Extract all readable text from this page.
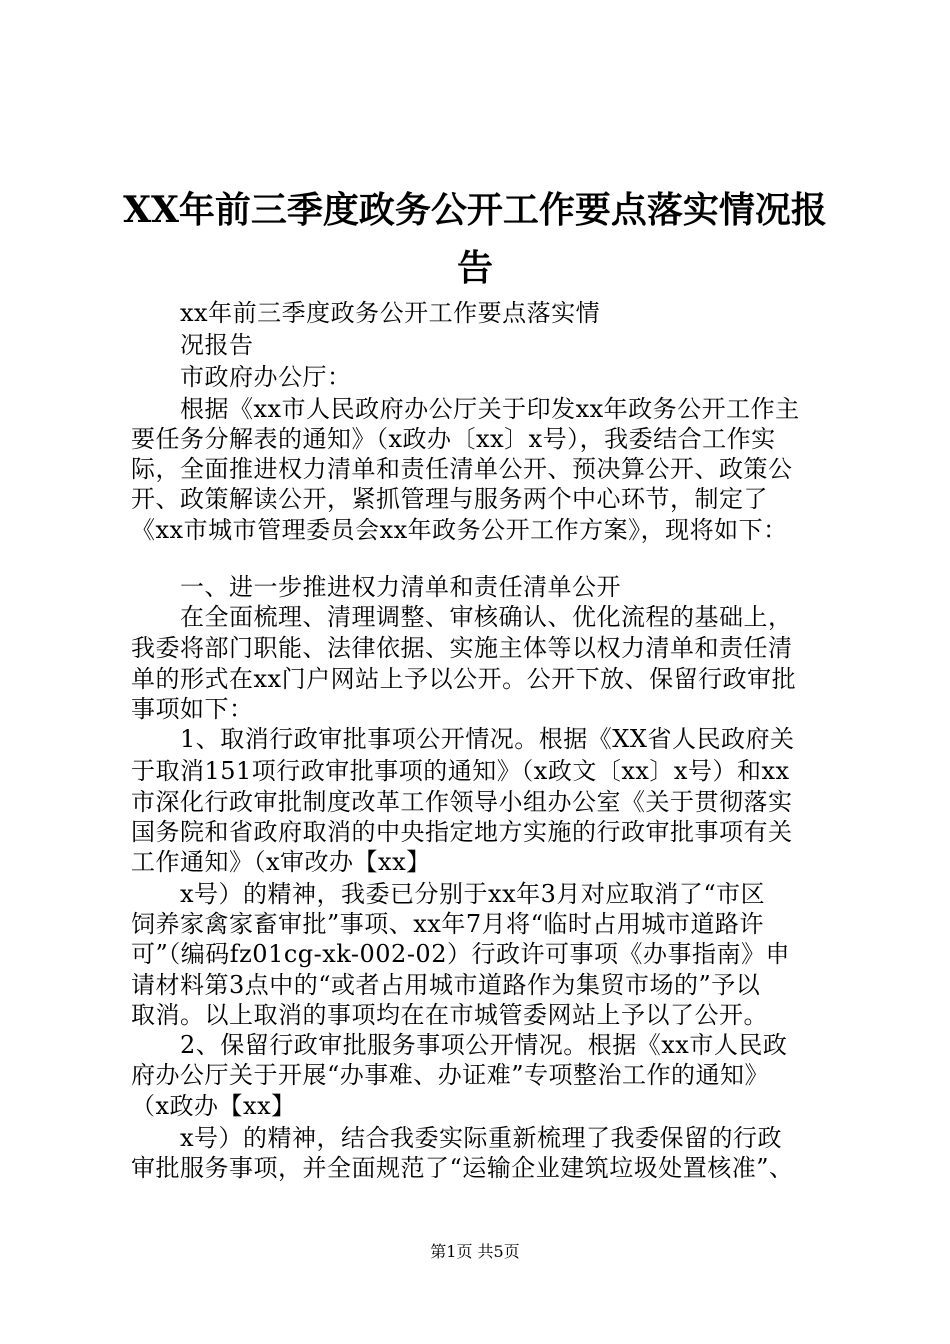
XX年前三季度政务公开工作要点落实情况报
告
xx年前三季度政务公开工作要点落实情
况报告
市政府办公厅：
根据《xx市人民政府办公厅关于印发xx年政务公开工作主
要任务分解表的通知》（x政办〔xx〕x号），我委结合工作实
际，全面推进权力清单和责任清单公开、预决算公开、政策公
开、政策解读公开，紧抓管理与服务两个中心环节，制定了
《xx市城市管理委员会xx年政务公开工作方案》，现将如下：
一、进一步推进权力清单和责任清单公开
在全面梳理、清理调整、审核确认、优化流程的基础上，
我委将部门职能、法律依据、实施主体等以权力清单和责任清
单的形式在xx门户网站上予以公开。公开下放、保留行政审批
事项如下：
1、取消行政审批事项公开情况。根据《XX省人民政府关
于取消151项行政审批事项的通知》（x政文〔xx〕x号）和xx
市深化行政审批制度改革工作领导小组办公室《关于贯彻落实
国务院和省政府取消的中央指定地方实施的行政审批事项有关
工作通知》（x审改办【xx】
x号）的精神，我委已分别于xx年3月对应取消了“市区
饲养家禽家畜审批”事项、xx年7月将“临时占用城市道路许
可”（编码fz01cg-xk-002-02）行政许可事项《办事指南》申
请材料第3点中的“或者占用城市道路作为集贸市场的”予以
取消。以上取消的事项均在在市城管委网站上予以了公开。
2、保留行政审批服务事项公开情况。根据《xx市人民政
府办公厅关于开展“办事难、办证难”专项整治工作的通知》
（x政办【xx】
x号）的精神，结合我委实际重新梳理了我委保留的行政
审批服务事项，并全面规范了“运输企业建筑垃圾处置核准”、
第1页 共5页
